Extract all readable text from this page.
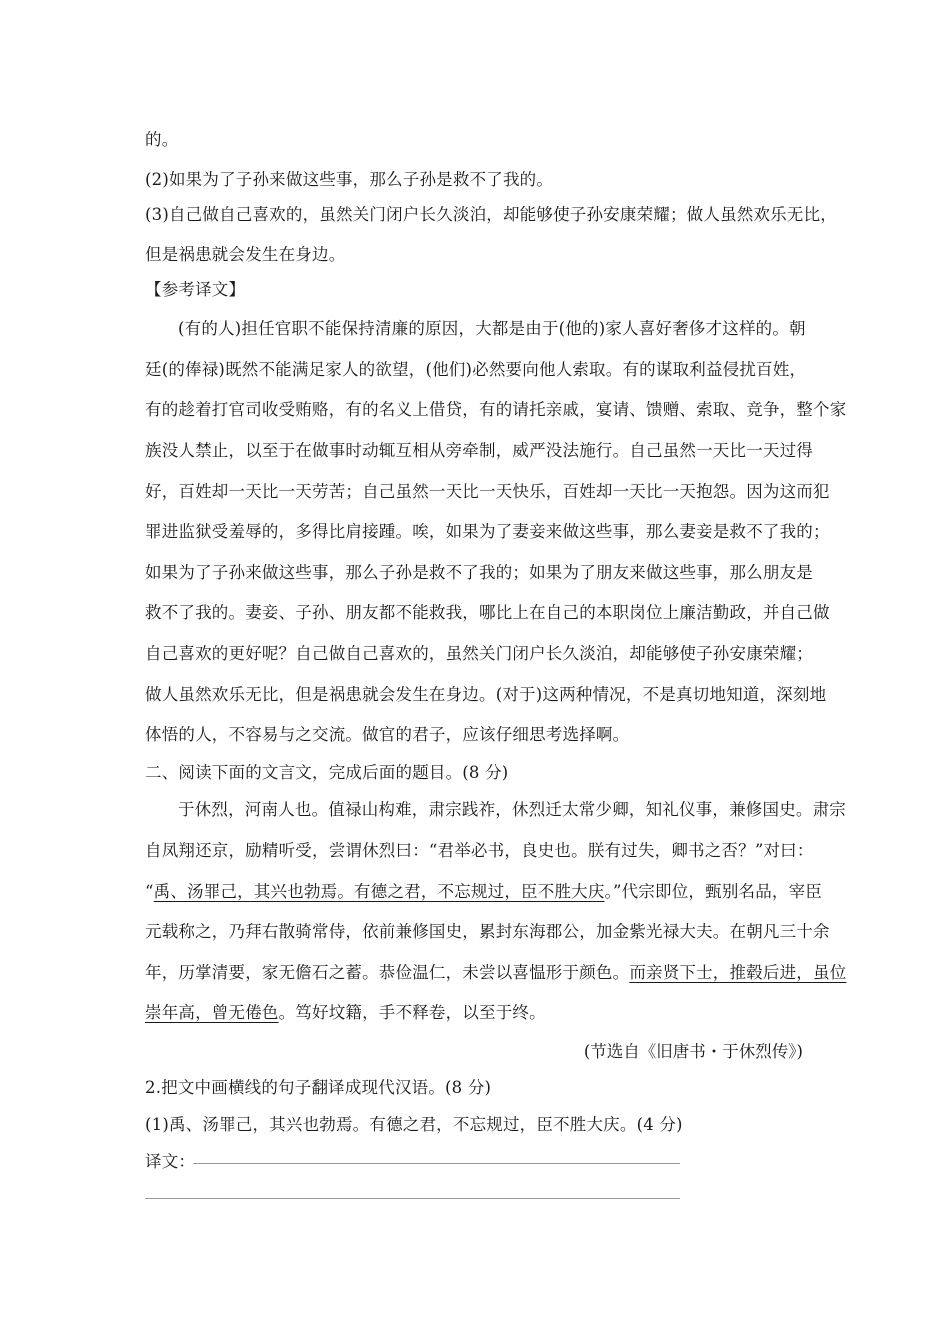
的。
(2)如果为了子孙来做这些事，那么子孙是救不了我的。
(3)自己做自己喜欢的，虽然关门闭户长久淡泊，却能够使子孙安康荣耀；做人虽然欢乐无比，
但是祸患就会发生在身边。
【参考译文】
(有的人)担任官职不能保持清廉的原因，大都是由于(他的)家人喜好奢侈才这样的。朝
廷(的俸禄)既然不能满足家人的欲望，(他们)必然要向他人索取。有的谋取利益侵扰百姓，
有的趁着打官司收受贿赂，有的名义上借贷，有的请托亲戚，宴请、馈赠、索取、竞争，整个家
族没人禁止，以至于在做事时动辄互相从旁牵制，威严没法施行。自己虽然一天比一天过得
好，百姓却一天比一天劳苦；自己虽然一天比一天快乐，百姓却一天比一天抱怨。因为这而犯
罪进监狱受羞辱的，多得比肩接踵。唉，如果为了妻妾来做这些事，那么妻妾是救不了我的；
如果为了子孙来做这些事，那么子孙是救不了我的；如果为了朋友来做这些事，那么朋友是
救不了我的。妻妾、子孙、朋友都不能救我，哪比上在自己的本职岗位上廉洁勤政，并自己做
自己喜欢的更好呢？自己做自己喜欢的，虽然关门闭户长久淡泊，却能够使子孙安康荣耀；
做人虽然欢乐无比，但是祸患就会发生在身边。(对于)这两种情况，不是真切地知道，深刻地
体悟的人，不容易与之交流。做官的君子，应该仔细思考选择啊。
二、阅读下面的文言文，完成后面的题目。(8 分)
于休烈，河南人也。值禄山构难，肃宗践祚，休烈迁太常少卿，知礼仪事，兼修国史。肃宗
自凤翔还京，励精听受，尝谓休烈曰：“君举必书，良史也。朕有过失，卿书之否？”对曰：
“禹、汤罪己，其兴也勃焉。有德之君，不忘规过，臣不胜大庆。”代宗即位，甄别名品，宰臣
元载称之，乃拜右散骑常侍，依前兼修国史，累封东海郡公，加金紫光禄大夫。在朝凡三十余
年，历掌清要，家无儋石之蓄。恭俭温仁，未尝以喜愠形于颜色。而亲贤下士，推毂后进，虽位
崇年高，曾无倦色。笃好坟籍，手不释卷，以至于终。
(节选自《旧唐书・于休烈传》)
2.把文中画横线的句子翻译成现代汉语。(8 分)
(1)禹、汤罪己，其兴也勃焉。有德之君，不忘规过，臣不胜大庆。(4 分)
译文：
